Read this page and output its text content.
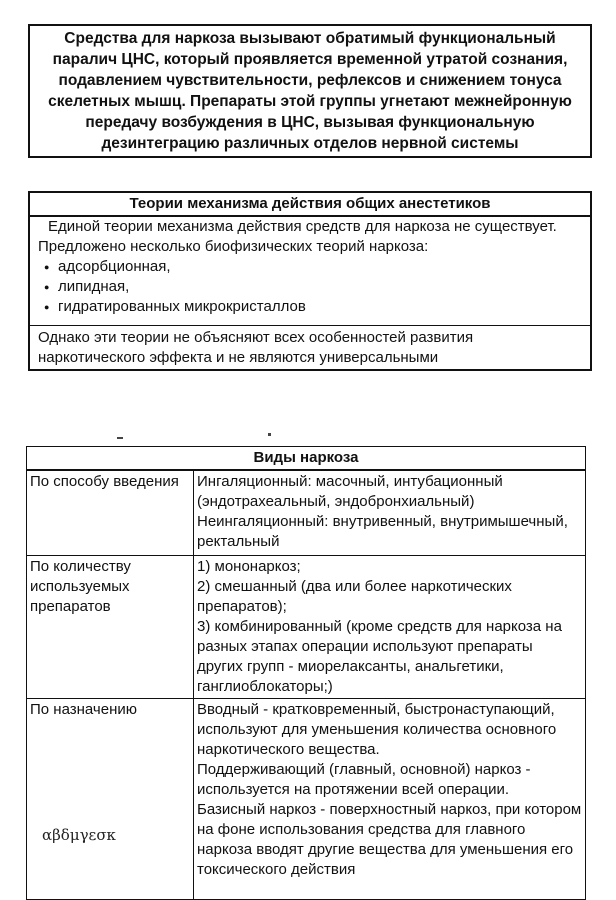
Средства для наркоза вызывают обратимый функциональный паралич ЦНС, который проявляется временной утратой сознания, подавлением чувствительности, рефлексов и снижением тонуса скелетных мышц. Препараты этой группы угнетают межнейронную передачу возбуждения в ЦНС, вызывая функциональную дезинтеграцию различных отделов нервной системы

Теории механизма действия общих анестетиков
Единой теории механизма действия средств для наркоза не существует.
Предложено несколько биофизических теорий наркоза:
● адсорбционная,
● липидная,
● гидратированных микрокристаллов
Однако эти теории не объясняют всех особенностей развития наркотического эффекта и не являются универсальными
Виды наркоза	
По способу введения	Ингаляционный: масочный, интубационный (эндотрахеальный, эндобронхиальный)

Неингаляционный: внутривенный, внутримышечный, ректальный

По количеству используемых препаратов	1) мононаркоз;

2) смешанный (два или более наркотических препаратов);

3) комбинированный (кроме средств для наркоза на разных этапах операции используют препараты других групп - миорелаксанты, анальгетики, ганглиоблокаторы;)

По назначению	Вводный - кратковременный, быстронаступающий, используют для уменьшения количества основного наркотического вещества.

Поддерживающий (главный, основной) наркоз - используется на протяжении всей операции.

Базисный наркоз - поверхностный наркоз, при котором на фоне использования средства для главного наркоза вводят другие вещества для уменьшения его токсического действия

αβδμγεσκ
